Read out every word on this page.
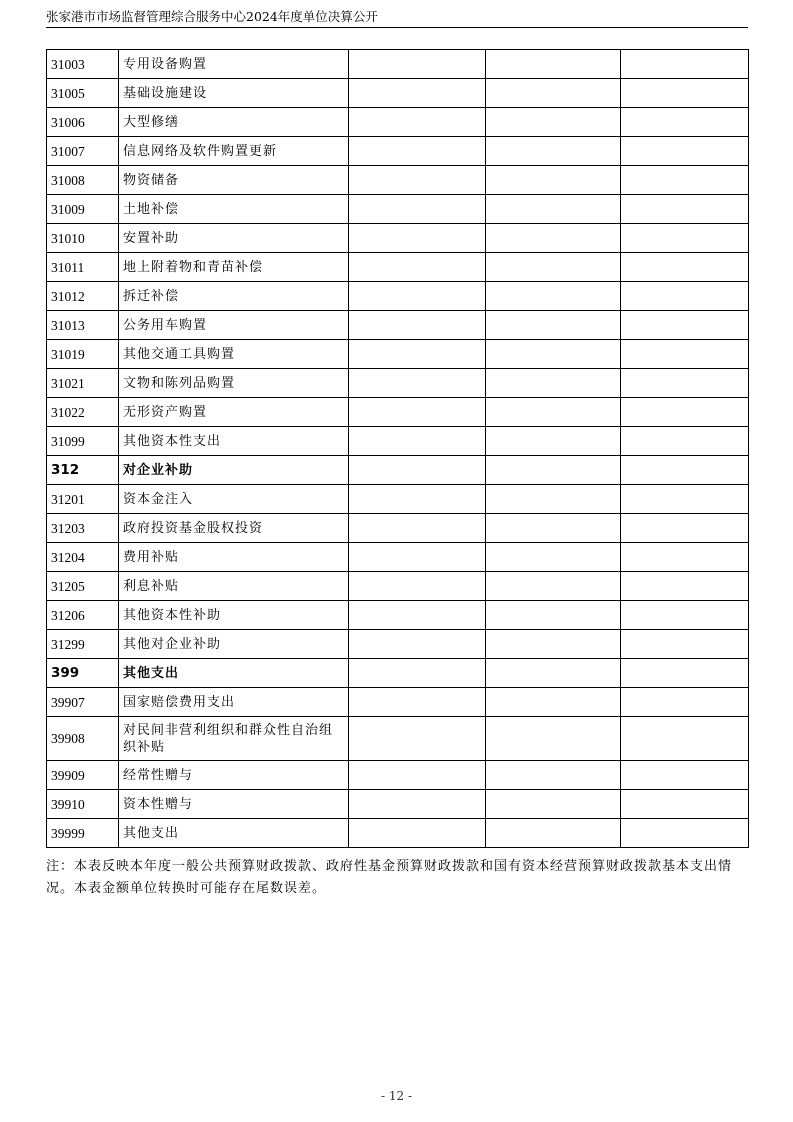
张家港市市场监督管理综合服务中心2024年度单位决算公开
31003	专用设备购置			
31005	基础设施建设			
31006	大型修缮			
31007	信息网络及软件购置更新			
31008	物资储备			
31009	土地补偿			
31010	安置补助			
31011	地上附着物和青苗补偿			
31012	拆迁补偿			
31013	公务用车购置			
31019	其他交通工具购置			
31021	文物和陈列品购置			
31022	无形资产购置			
31099	其他资本性支出			
312	对企业补助			
31201	资本金注入			
31203	政府投资基金股权投资			
31204	费用补贴			
31205	利息补贴			
31206	其他资本性补助			
31299	其他对企业补助			
399	其他支出			
39907	国家赔偿费用支出			
39908	对民间非营利组织和群众性自治组织补贴			
39909	经常性赠与			
39910	资本性赠与			
39999	其他支出			
注：本表反映本年度一般公共预算财政拨款、政府性基金预算财政拨款和国有资本经营预算财政拨款基本支出情况。本表金额单位转换时可能存在尾数误差。
- 12 -
